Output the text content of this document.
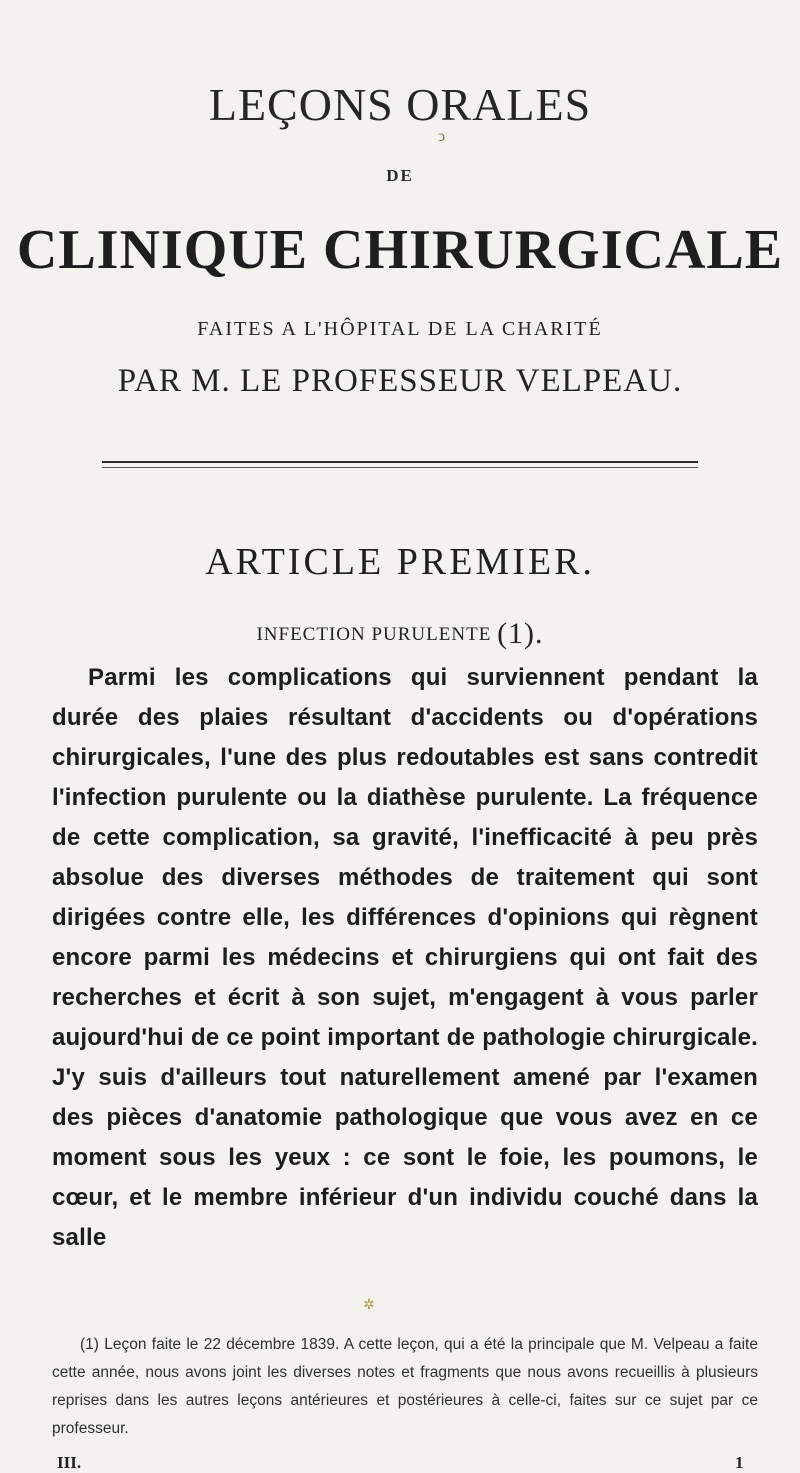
LEÇONS ORALES
ↄ
DE
CLINIQUE CHIRURGICALE
FAITES A L'HÔPITAL DE LA CHARITÉ
PAR M. LE PROFESSEUR VELPEAU.
ARTICLE PREMIER.
INFECTION PURULENTE (1).

Parmi les complications qui surviennent pendant la durée des plaies résultant d'accidents ou d'opérations chirurgicales, l'une des plus redoutables est sans contredit l'infection purulente ou la diathèse purulente. La fréquence de cette complication, sa gravité, l'inefficacité à peu près absolue des diverses méthodes de traitement qui sont dirigées contre elle, les différences d'opinions qui règnent encore parmi les médecins et chirurgiens qui ont fait des recherches et écrit à son sujet, m'engagent à vous parler aujourd'hui de ce point important de pathologie chirurgicale. J'y suis d'ailleurs tout naturellement amené par l'examen des pièces d'anatomie pathologique que vous avez en ce moment sous les yeux : ce sont le foie, les poumons, le cœur, et le membre inférieur d'un individu couché dans la salle

✲

(1) Leçon faite le 22 décembre 1839. A cette leçon, qui a été la principale que M. Velpeau a faite cette année, nous avons joint les diverses notes et fragments que nous avons recueillis à plusieurs reprises dans les autres leçons antérieures et postérieures à celle-ci, faites sur ce sujet par ce professeur.

III.	1
